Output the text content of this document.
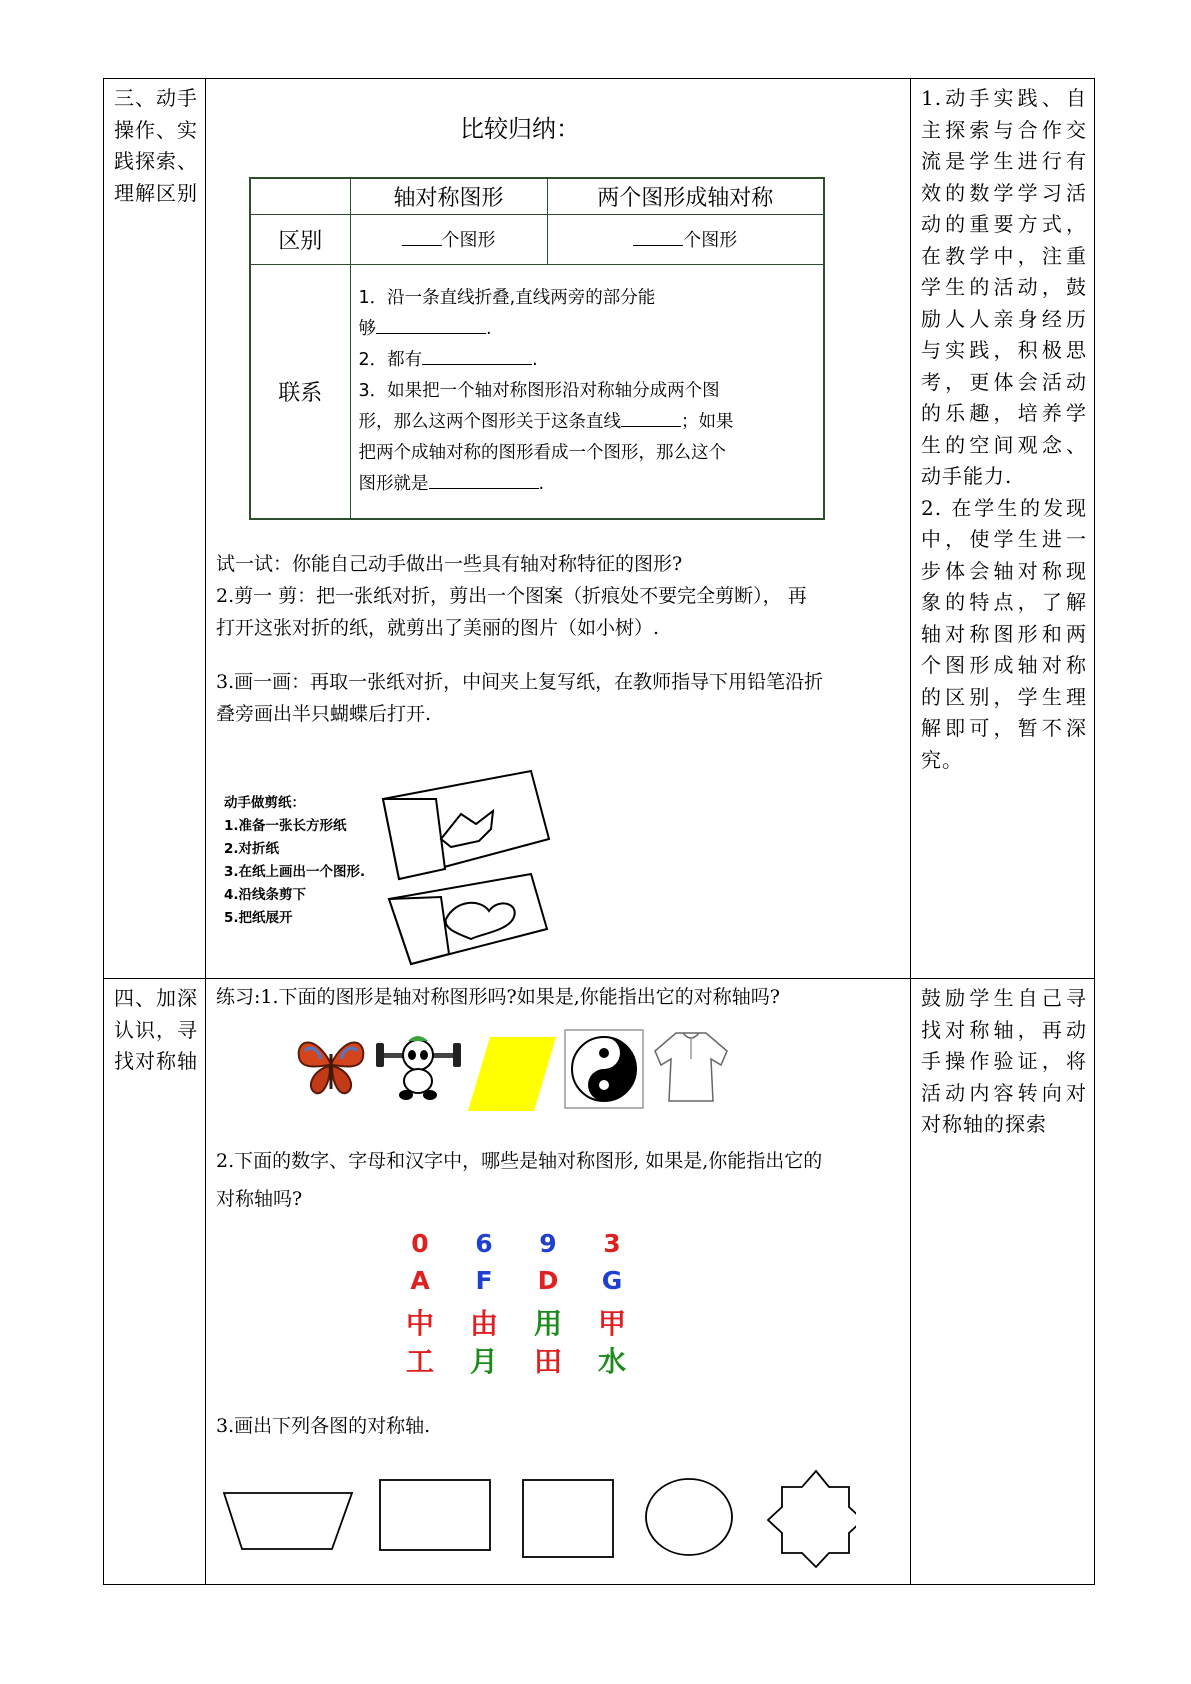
三、动手操作、实践探索、理解区别

比较归纳：
	轴对称图形	两个图形成轴对称
区别	个图形	个图形
联系	
1．沿一条直线折叠,直线两旁的部分能
够	.
2．都有	.
3．如果把一个轴对称图形沿对称轴分成两个图
形，那么这两个图形关于这条直线	；如果
把两个成轴对称的图形看成一个图形，那么这个
图形就是	.
试一试：你能自己动手做出一些具有轴对称特征的图形?
2.剪一 剪：把一张纸对折，剪出一个图案（折痕处不要完全剪断）， 再
打开这张对折的纸，就剪出了美丽的图片（如小树）.
3.画一画：再取一张纸对折，中间夹上复写纸，在教师指导下用铅笔沿折
叠旁画出半只蝴蝶后打开.
动手做剪纸：
1.准备一张长方形纸
2.对折纸
3.在纸上画出一个图形.
4.沿线条剪下
5.把纸展开

1.动手实践、自主探索与合作交流是学生进行有效的数学学习活动的重要方式，在教学中，注重学生的活动，鼓励人人亲身经历与实践，积极思考，更体会活动的乐趣，培养学生的空间观念、动手能力.
2. 在学生的发现中，使学生进一步体会轴对称现象的特点，了解轴对称图形和两个图形成轴对称的区别，学生理解即可，暂不深究。

四、加深认识，寻找对称轴

练习:1.下面的图形是轴对称图形吗?如果是,你能指出它的对称轴吗?
2.下面的数字、字母和汉字中，哪些是轴对称图形, 如果是,你能指出它的
对称轴吗?
0	6	9	3
A	F	D	G
中 由 用 甲
工 月 田 水
3.画出下列各图的对称轴.

鼓励学生自己寻找对称轴，再动手操作验证，将活动内容转向对对称轴的探索
